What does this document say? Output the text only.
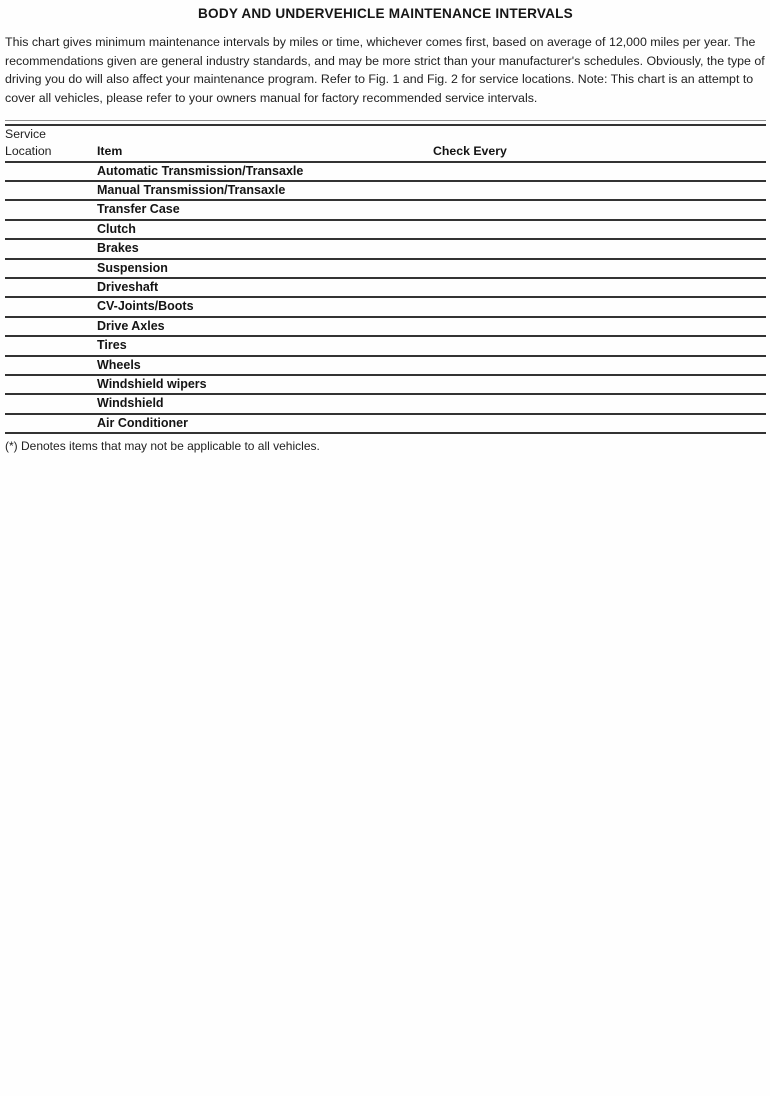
BODY AND UNDERVEHICLE MAINTENANCE INTERVALS
This chart gives minimum maintenance intervals by miles or time, whichever comes first, based on average of 12,000 miles per year. The recommendations given are general industry standards, and may be more strict than your manufacturer's schedules. Obviously, the type of driving you do will also affect your maintenance program. Refer to Fig. 1 and Fig. 2 for service locations. Note: This chart is an attempt to cover all vehicles, please refer to your owners manual for factory recommended service intervals.
Service
Location	Item	Check Every
Automatic Transmission/Transaxle
Manual Transmission/Transaxle
Transfer Case
Clutch
Brakes
Suspension
Driveshaft
CV-Joints/Boots
Drive Axles
Tires
Wheels
Windshield wipers
Windshield
Air Conditioner
(*) Denotes items that may not be applicable to all vehicles.
